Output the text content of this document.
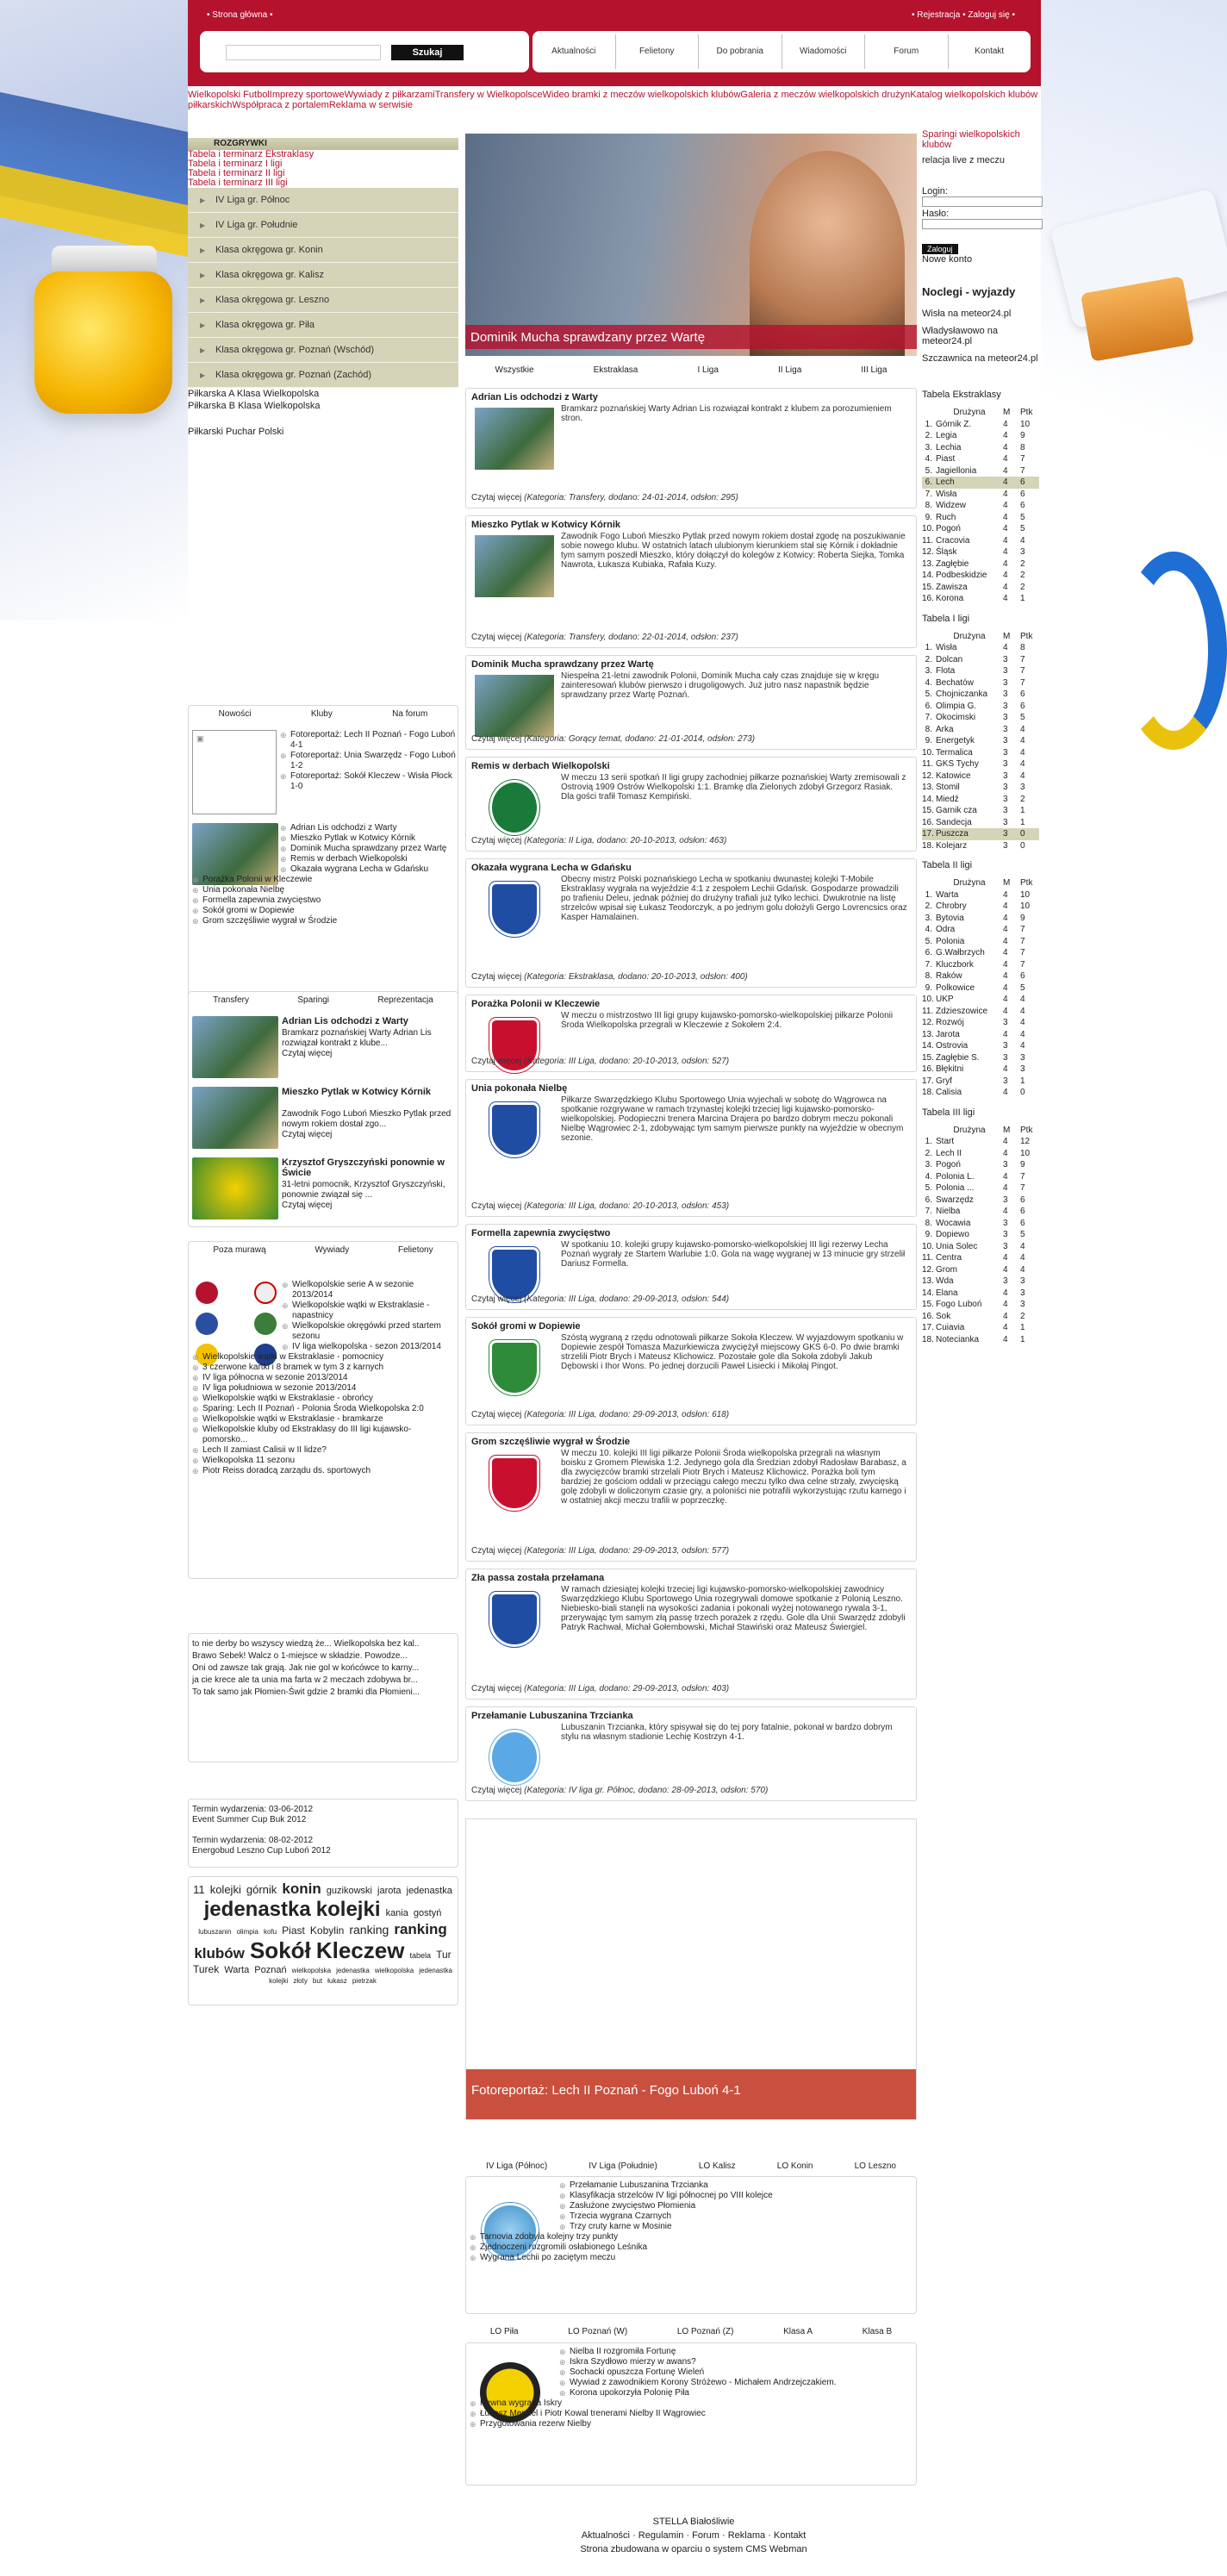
• Strona główna •	• Rejestracja • Zaloguj się •
Szukaj	Aktualności	Felietony	Do pobrania	Wiadomości	Forum	Kontakt
Wielkopolski FutbolImprezy sportoweWywiady z piłkarzamiTransfery w WielkopolsceWideo bramki z meczów wielkopolskich klubówGaleria z meczów wielkopolskich drużynKatalog wielkopolskich klubów piłkarskichWspółpraca z portalemReklama w serwisie
ROZGRYWKI
Tabela i terminarz Ekstraklasy
Tabela i terminarz I ligi
Tabela i terminarz II ligi
Tabela i terminarz III ligi
▶ IV Liga gr. Północ
▶ IV Liga gr. Południe
▶ Klasa okręgowa gr. Konin
▶ Klasa okręgowa gr. Kalisz
▶ Klasa okręgowa gr. Leszno
▶ Klasa okręgowa gr. Piła
▶ Klasa okręgowa gr. Poznań (Wschód)
▶ Klasa okręgowa gr. Poznań (Zachód)
Piłkarska A Klasa Wielkopolska
Piłkarska B Klasa Wielkopolska
Piłkarski Puchar Polski
Nowości	Kluby	Na forum
▣
⊕	Fotoreportaż: Lech II Poznań - Fogo Luboń 4-1
⊕ Fotoreportaż: Unia Swarzędz - Fogo Luboń 1-2
⊕ Fotoreportaż: Sokół Kleczew - Wisła Płock 1-0
⊕ Adrian Lis odchodzi z Warty
⊕ Mieszko Pytlak w Kotwicy Kórnik
⊕ Dominik Mucha sprawdzany przez Wartę
⊕ Remis w derbach Wielkopolski
⊕ Okazała wygrana Lecha w Gdańsku
⊕ Porażka Polonii w Kleczewie
⊕ Unia pokonała Nielbę
⊕ Formella zapewnia zwycięstwo
⊕ Sokół gromi w Dopiewie
⊕ Grom szczęśliwie wygrał w Środzie
Transfery	Sparingi	Reprezentacja
Adrian Lis odchodzi z Warty
Bramkarz poznańskiej Warty Adrian Lis rozwiązał kontrakt z klube...
Czytaj więcej
Mieszko Pytlak w Kotwicy Kórnik
Zawodnik Fogo Luboń Mieszko Pytlak przed nowym rokiem dostał zgo...
Czytaj więcej
Krzysztof Gryszczyński ponownie w Świcie
31-letni pomocnik, Krzysztof Gryszczyński, ponownie związał się ...
Czytaj więcej
Poza murawą	Wywiady	Felietony
⊕ Wielkopolskie serie A w sezonie 2013/2014
⊕ Wielkopolskie wątki w Ekstraklasie - napastnicy
⊕ Wielkopolskie okręgówki przed startem sezonu
⊕ IV liga wielkopolska - sezon 2013/2014
⊕ Wielkopolskie wątki w Ekstraklasie - pomocnicy
⊕ 3 czerwone kartki i 8 bramek w tym 3 z karnych
⊕ IV liga północna w sezonie 2013/2014
⊕ IV liga południowa w sezonie 2013/2014
⊕ Wielkopolskie wątki w Ekstraklasie - obrońcy
⊕ Sparing: Lech II Poznań - Polonia Środa Wielkopolska 2:0
⊕ Wielkopolskie wątki w Ekstraklasie - bramkarze
⊕ Wielkopolskie kluby od Ekstraklasy do III ligi kujawsko-pomorsko...
⊕ Lech II zamiast Calisii w II lidze?
⊕ Wielkopolska 11 sezonu
⊕ Piotr Reiss doradcą zarządu ds. sportowych
to nie derby bo wszyscy wiedzą że... Wielkopolska bez kal..
Brawo Sebek! Walcz o 1-miejsce w składzie. Powodze...
Oni od zawsze tak grają. Jak nie gol w końcówce to karny...
ja cie krece ale ta unia ma farta w 2 meczach zdobywa br...
To tak samo jak Płomien-Świt gdzie 2 bramki dla Płomieni...
Termin wydarzenia: 03-06-2012
Event Summer Cup Buk 2012
Termin wydarzenia: 08-02-2012
Energobud Leszno Cup Luboń 2012
11 kolejki górnik konin guzikowski jarota jedenastka jedenastka kolejki kania gostyń lubuszanin olimpia kofu Piast Kobylin ranking ranking klubów Sokół Kleczew tabela Tur Turek Warta Poznań wielkopolska jedenastka wielkopolska jedenastka kolejki złoty but łukasz pietrzak
Dominik Mucha sprawdzany przez Wartę
Wszystkie	Ekstraklasa	I Liga	II Liga	III Liga
Adrian Lis odchodzi z Warty
Bramkarz poznańskiej Warty Adrian Lis rozwiązał kontrakt z klubem za porozumieniem stron.
Czytaj więcej (Kategoria: Transfery, dodano: 24-01-2014, odsłon: 295)
Mieszko Pytlak w Kotwicy Kórnik
Zawodnik Fogo Luboń Mieszko Pytlak przed nowym rokiem dostał zgodę na poszukiwanie sobie nowego klubu. W ostatnich latach ulubionym kierunkiem stał się Kórnik i dokładnie tym samym poszedł Mieszko, który dołączył do kolegów z Kotwicy: Roberta Siejka, Tomka Nawrota, Łukasza Kubiaka, Rafała Kuzy.
Czytaj więcej (Kategoria: Transfery, dodano: 22-01-2014, odsłon: 237)
Dominik Mucha sprawdzany przez Wartę
Niespełna 21-letni zawodnik Polonii, Dominik Mucha cały czas znajduje się w kręgu zainteresowań klubów pierwszo i drugoligowych. Już jutro nasz napastnik będzie sprawdzany przez Wartę Poznań.
Czytaj więcej (Kategoria: Gorący temat, dodano: 21-01-2014, odsłon: 273)
Remis w derbach Wielkopolski
W meczu 13 serii spotkań II ligi grupy zachodniej piłkarze poznańskiej Warty zremisowali z Ostrovią 1909 Ostrów Wielkopolski 1:1. Bramkę dla Zielonych zdobył Grzegorz Rasiak. Dla gości trafił Tomasz Kempiński.
Czytaj więcej (Kategoria: II Liga, dodano: 20-10-2013, odsłon: 463)
Okazała wygrana Lecha w Gdańsku
Obecny mistrz Polski poznańskiego Lecha w spotkaniu dwunastej kolejki T-Mobile Ekstraklasy wygrała na wyjeździe 4:1 z zespołem Lechii Gdańsk. Gospodarze prowadzili po trafieniu Deleu, jednak później do drużyny trafiali już tylko lechici. Dwukrotnie na listę strzelców wpisał się Łukasz Teodorczyk, a po jednym golu dołożyli Gergo Lovrencsics oraz Kasper Hamalainen.
Czytaj więcej (Kategoria: Ekstraklasa, dodano: 20-10-2013, odsłon: 400)
Porażka Polonii w Kleczewie
W meczu o mistrzostwo III ligi grupy kujawsko-pomorsko-wielkopolskiej piłkarze Polonii Środa Wielkopolska przegrali w Kleczewie z Sokołem 2:4.
Czytaj więcej (Kategoria: III Liga, dodano: 20-10-2013, odsłon: 527)
Unia pokonała Nielbę
Piłkarze Swarzędzkiego Klubu Sportowego Unia wyjechali w sobotę do Wągrowca na spotkanie rozgrywane w ramach trzynastej kolejki trzeciej ligi kujawsko-pomorsko-wielkopolskiej. Podopieczni trenera Marcina Drajera po bardzo dobrym meczu pokonali Nielbę Wągrowiec 2-1, zdobywając tym samym pierwsze punkty na wyjeździe w obecnym sezonie.
Czytaj więcej (Kategoria: III Liga, dodano: 20-10-2013, odsłon: 453)
Formella zapewnia zwycięstwo
W spotkaniu 10. kolejki grupy kujawsko-pomorsko-wielkopolskiej III ligi rezerwy Lecha Poznań wygrały ze Startem Warlubie 1:0. Gola na wagę wygranej w 13 minucie gry strzelił Dariusz Formella.
Czytaj więcej (Kategoria: III Liga, dodano: 29-09-2013, odsłon: 544)
Sokół gromi w Dopiewie
Szóstą wygraną z rzędu odnotowali piłkarze Sokoła Kleczew. W wyjazdowym spotkaniu w Dopiewie zespół Tomasza Mazurkiewicza zwyciężył miejscowy GKS 6-0. Po dwie bramki strzelili Piotr Brych i Mateusz Klichowicz. Pozostałe gole dla Sokoła zdobyli Jakub Dębowski i Ihor Wons. Po jednej dorzucili Paweł Lisiecki i Mikołaj Pingot.
Czytaj więcej (Kategoria: III Liga, dodano: 29-09-2013, odsłon: 618)
Grom szczęśliwie wygrał w Środzie
W meczu 10. kolejki III ligi piłkarze Polonii Środa wielkopolska przegrali na własnym boisku z Gromem Plewiska 1:2. Jedynego gola dla Średzian zdobył Radosław Barabasz, a dla zwycięzców bramki strzelali Piotr Brych i Mateusz Klichowicz. Porażka boli tym bardziej że gościom oddali w przeciągu całego meczu tylko dwa celne strzały, zwycięską golę zdobyli w doliczonym czasie gry, a poloniści nie potrafili wykorzystując rzutu karnego i w ostatniej akcji meczu trafili w poprzeczkę.
Czytaj więcej (Kategoria: III Liga, dodano: 29-09-2013, odsłon: 577)
Zła passa została przełamana
W ramach dziesiątej kolejki trzeciej ligi kujawsko-pomorsko-wielkopolskiej zawodnicy Swarzędzkiego Klubu Sportowego Unia rozegrywali domowe spotkanie z Polonią Leszno. Niebiesko-biali stanęli na wysokości zadania i pokonali wyżej notowanego rywala 3-1, przerywając tym samym złą passę trzech porażek z rzędu. Gole dla Unii Swarzędz zdobyli Patryk Rachwał, Michał Gołembowski, Michał Stawiński oraz Mateusz Świergiel.
Czytaj więcej (Kategoria: III Liga, dodano: 29-09-2013, odsłon: 403)
Przełamanie Lubuszanina Trzcianka
Lubuszanin Trzcianka, który spisywał się do tej pory fatalnie, pokonał w bardzo dobrym stylu na własnym stadionie Lechię Kostrzyn 4-1.
Czytaj więcej (Kategoria: IV liga gr. Północ, dodano: 28-09-2013, odsłon: 570)
Fotoreportaż: Lech II Poznań - Fogo Luboń 4-1
IV Liga (Północ)	IV Liga (Południe)	LO Kalisz	LO Konin	LO Leszno
⊕ Przełamanie Lubuszanina Trzcianka
⊕ Klasyfikacja strzelców IV ligi północnej po VIII kolejce
⊕ Zasłużone zwycięstwo Płomienia
⊕ Trzecia wygrana Czarnych
⊕ Trzy cruty karne w Mosinie
⊕ Tarnovia zdobyła kolejny trzy punkty
⊕ Zjednoczeni rozgromili osłabionego Leśnika
⊕ Wygrana Lechii po zaciętym meczu
LO Piła	LO Poznań (W)	LO Poznań (Z)	Klasa A	Klasa B
⊕ Nielba II rozgromiła Fortunę
⊕ Iskra Szydłowo mierzy w awans?
⊕ Sochacki opuszcza Fortunę Wieleń
⊕ Wywiad z zawodnikiem Korony Stróżewo - Michałem Andrzejczakiem.
⊕ Korona upokorzyła Polonię Piła
⊕ Pewna wygrana Iskry
⊕ Łukasz Mendel i Piotr Kowal trenerami Nielby II Wągrowiec
⊕ Przygotowania rezerw Nielby
Sparingi wielkopolskich klubów
relacja live z meczu
Login:
Hasło:
Zaloguj
Nowe konto
Noclegi - wyjazdy
Wisła na meteor24.pl
Władysławowo na meteor24.pl
Szczawnica na meteor24.pl
Tabela Ekstraklasy
Drużyna	M	Ptk
1. Górnik Z.	4	10
2. Legia	4	9
3. Lechia	4	8
4. Piast	4	7
5. Jagiellonia	4	7
6. Lech	4	6
7. Wisła	4	6
8. Widzew	4	6
9. Ruch	4	5
10. Pogoń	4	5
11. Cracovia	4	4
12. Śląsk	4	3
13. Zagłębie	4	2
14. Podbeskidzie	4	2
15. Zawisza	4	2
16. Korona	4	1
Tabela I ligi
Drużyna	M	Ptk
1. Wisła	4	8
2. Dolcan	3	7
3. Flota	3	7
4. Bechatów	3	7
5. Chojniczanka	3	6
6. Olimpia G.	3	6
7. Okocimski	3	5
8. Arka	3	4
9. Energetyk	3	4
10. Termalica	3	4
11. GKS Tychy	3	4
12. Katowice	3	4
13. Stomil	3	3
14. Miedź	3	2
15. Garnik cza	3	1
16. Sandecja	3	1
17. Puszcza	3	0
18. Kolejarz	3	0
Tabela II ligi
Drużyna	M	Ptk
1. Warta	4	10
2. Chrobry	4	10
3. Bytovia	4	9
4. Odra	4	7
5. Polonia	4	7
6. G.Wałbrzych	4	7
7. Kluczbork	4	7
8. Raków	4	6
9. Polkowice	4	5
10. UKP	4	4
11. Zdzieszowice	4	4
12. Rozwój	3	4
13. Jarota	4	4
14. Ostrovia	3	4
15. Zagłębie S.	3	3
16. Błękitni	4	3
17. Gryf	3	1
18. Calisia	4	0
Tabela III ligi
Drużyna	M	Ptk
1. Start	4	12
2. Lech II	4	10
3. Pogoń	3	9
4. Polonia L.	4	7
5. Polonia ...	4	7
6. Swarzędz	3	6
7. Nielba	4	6
8. Wocawia	3	6
9. Dopiewo	3	5
10. Unia Solec	3	4
11. Centra	4	4
12. Grom	4	4
13. Wda	3	3
14. Elana	4	3
15. Fogo Luboń	4	3
16. Sok	4	2
17. Cuiavia	4	1
18. Notecianka	4	1
STELLA Białośliwie
Aktualności · Regulamin · Forum · Reklama · Kontakt
Strona zbudowana w oparciu o system CMS Webman
